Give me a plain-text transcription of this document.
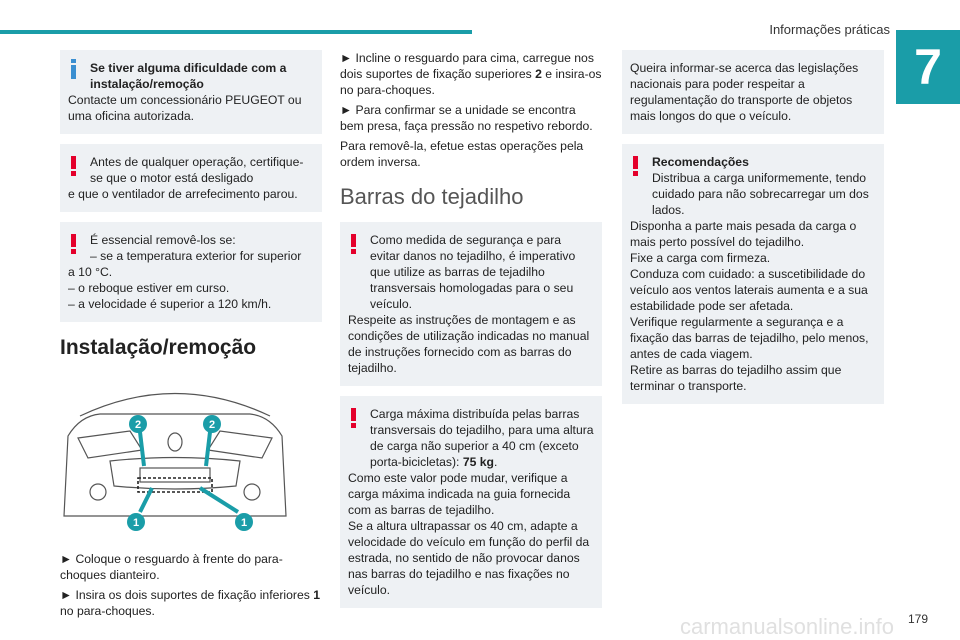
Informações práticas
7
Se tiver alguma dificuldade com a instalação/remoção
Contacte um concessionário PEUGEOT ou uma oficina autorizada.
Antes de qualquer operação, certifique-se que o motor está desligado
e que o ventilador de arrefecimento parou.
É essencial removê-los se:
– se a temperatura exterior for superior
a 10 °C.
– o reboque estiver em curso.
– a velocidade é superior a 120 km/h.
Instalação/remoção
2	2
1	1
► Coloque o resguardo à frente do para-choques dianteiro.
► Insira os dois suportes de fixação inferiores 1 no para-choques.
► Incline o resguardo para cima, carregue nos dois suportes de fixação superiores 2 e insira-os no para-choques.
► Para confirmar se a unidade se encontra bem presa, faça pressão no respetivo rebordo.
Para removê-la, efetue estas operações pela ordem inversa.
Barras do tejadilho
Como medida de segurança e para evitar danos no tejadilho, é imperativo que utilize as barras de tejadilho transversais homologadas para o seu veículo.
Respeite as instruções de montagem e as condições de utilização indicadas no manual de instruções fornecido com as barras do tejadilho.
Carga máxima distribuída pelas barras transversais do tejadilho, para uma altura de carga não superior a 40 cm (exceto porta-bicicletas): 75 kg.
Como este valor pode mudar, verifique a carga máxima indicada na guia fornecida com as barras de tejadilho.
Se a altura ultrapassar os 40 cm, adapte a velocidade do veículo em função do perfil da estrada, no sentido de não provocar danos nas barras do tejadilho e nas fixações no veículo.
Queira informar-se acerca das legislações nacionais para poder respeitar a regulamentação do transporte de objetos mais longos do que o veículo.
Recomendações
Distribua a carga uniformemente, tendo cuidado para não sobrecarregar um dos lados.
Disponha a parte mais pesada da carga o mais perto possível do tejadilho.
Fixe a carga com firmeza.
Conduza com cuidado: a suscetibilidade do veículo aos ventos laterais aumenta e a sua estabilidade pode ser afetada.
Verifique regularmente a segurança e a fixação das barras de tejadilho, pelo menos, antes de cada viagem.
Retire as barras do tejadilho assim que terminar o transporte.
carmanualsonline.info 179
